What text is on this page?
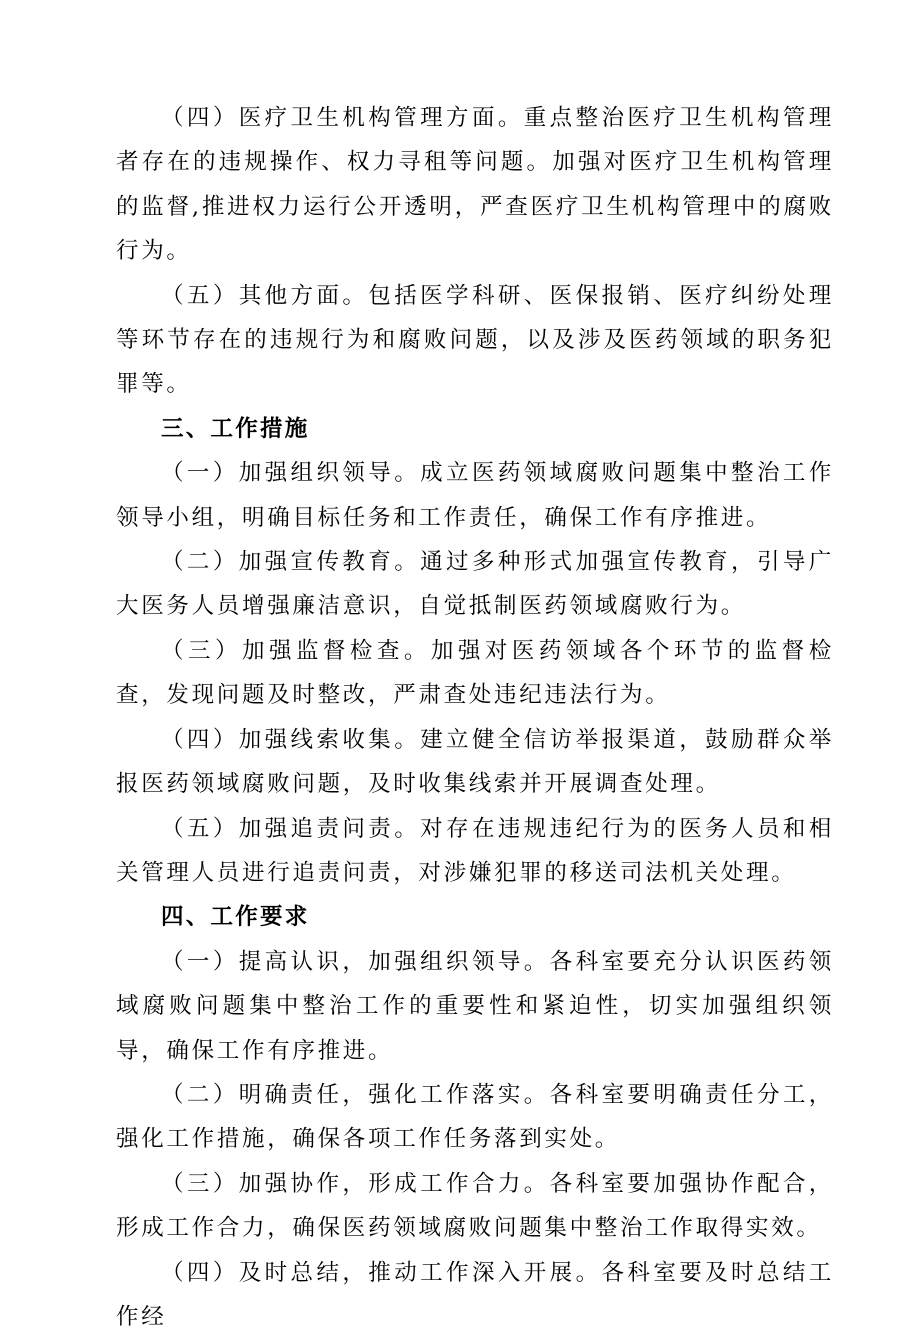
（四）医疗卫生机构管理方面。重点整治医疗卫生机构管理者存在的违规操作、权力寻租等问题。加强对医疗卫生机构管理的监督,推进权力运行公开透明，严查医疗卫生机构管理中的腐败行为。

（五）其他方面。包括医学科研、医保报销、医疗纠纷处理等环节存在的违规行为和腐败问题，以及涉及医药领域的职务犯罪等。

三、工作措施

（一）加强组织领导。成立医药领域腐败问题集中整治工作领导小组，明确目标任务和工作责任，确保工作有序推进。

（二）加强宣传教育。通过多种形式加强宣传教育，引导广大医务人员增强廉洁意识，自觉抵制医药领域腐败行为。

（三）加强监督检查。加强对医药领域各个环节的监督检查，发现问题及时整改，严肃查处违纪违法行为。

（四）加强线索收集。建立健全信访举报渠道，鼓励群众举报医药领域腐败问题，及时收集线索并开展调查处理。

（五）加强追责问责。对存在违规违纪行为的医务人员和相关管理人员进行追责问责，对涉嫌犯罪的移送司法机关处理。

四、工作要求

（一）提高认识，加强组织领导。各科室要充分认识医药领域腐败问题集中整治工作的重要性和紧迫性，切实加强组织领导，确保工作有序推进。

（二）明确责任，强化工作落实。各科室要明确责任分工，强化工作措施，确保各项工作任务落到实处。

（三）加强协作，形成工作合力。各科室要加强协作配合，形成工作合力，确保医药领域腐败问题集中整治工作取得实效。

（四）及时总结，推动工作深入开展。各科室要及时总结工作经
